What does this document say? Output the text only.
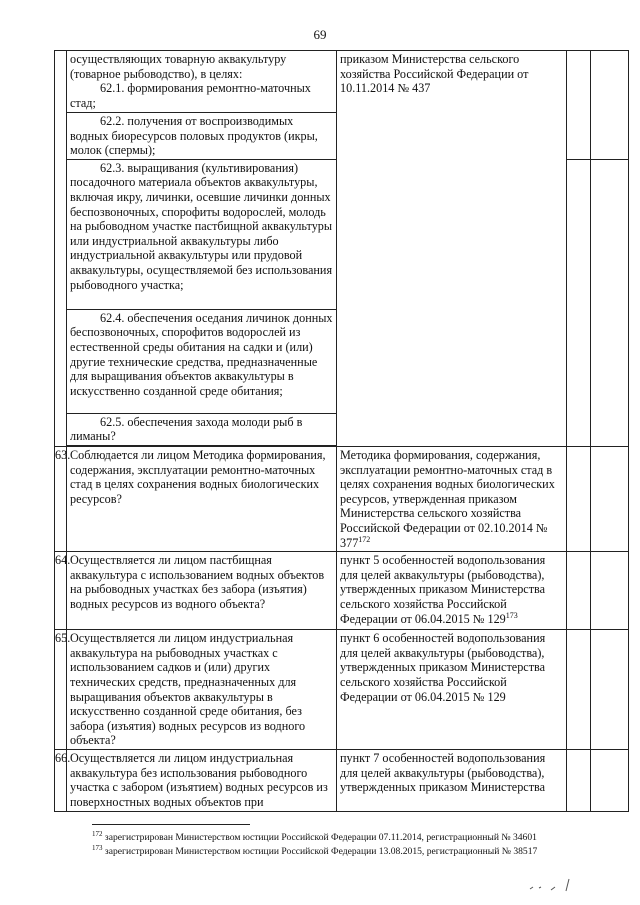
69

	осуществляющих товарную аквакультуру (товарное рыбоводство), в целях:
62.1. формирования ремонтно-маточных стад;	приказом Министерства сельского хозяйства Российской Федерации от 10.11.2014 № 437		

	62.2. получения от воспроизводимых водных биоресурсов половых продуктов (икры, молок (спермы);			

	62.3. выращивания (культивирования) посадочного материала объектов аквакультуры, включая икру, личинки, осевшие личинки донных беспозвоночных, спорофиты водорослей, молодь на рыбоводном участке пастбищной аквакультуры или индустриальной аквакультуры либо индустриальной аквакультуры или прудовой аквакультуры, осуществляемой без использования рыбоводного участка;			

	62.4. обеспечения оседания личинок донных беспозвоночных, спорофитов водорослей из естественной среды обитания на садки и (или) другие технические средства, предназначенные для выращивания объектов аквакультуры в искусственно созданной среде обитания;			

	62.5. обеспечения захода молоди рыб в лиманы?			

63.	Соблюдается ли лицом Методика формирования, содержания, эксплуатации ремонтно-маточных стад в целях сохранения водных биологических ресурсов?	Методика формирования, содержания, эксплуатации ремонтно-маточных стад в целях сохранения водных биологических ресурсов, утвержденная приказом Министерства сельского хозяйства Российской Федерации от 02.10.2014 № $377^{172}$		
64.	Осуществляется ли лицом пастбищная аквакультура с использованием водных объектов на рыбоводных участках без забора (изъятия) водных ресурсов из водного объекта?	пункт 5 особенностей водопользования для целей аквакультуры (рыбоводства), утвержденных приказом Министерства сельского хозяйства Российской Федерации от 06.04.2015 № $129^{173}$		
65.	Осуществляется ли лицом индустриальная аквакультура на рыбоводных участках с использованием садков и (или) других технических средств, предназначенных для выращивания объектов аквакультуры в искусственно созданной среде обитания, без забора (изъятия) водных ресурсов из водного объекта?	пункт 6 особенностей водопользования для целей аквакультуры (рыбоводства), утвержденных приказом Министерства сельского хозяйства Российской Федерации от 06.04.2015 № 129		
66.	Осуществляется ли лицом индустриальная аквакультура без использования рыбоводного участка с забором (изъятием) водных ресурсов из поверхностных водных объектов при	пункт 7 особенностей водопользования для целей аквакультуры (рыбоводства), утвержденных приказом Министерства		
$^{172}$ зарегистрирован Министерством юстиции Российской Федерации 07.11.2014, регистрационный № 34601
$^{173}$ зарегистрирован Министерством юстиции Российской Федерации 13.08.2015, регистрационный № 38517
